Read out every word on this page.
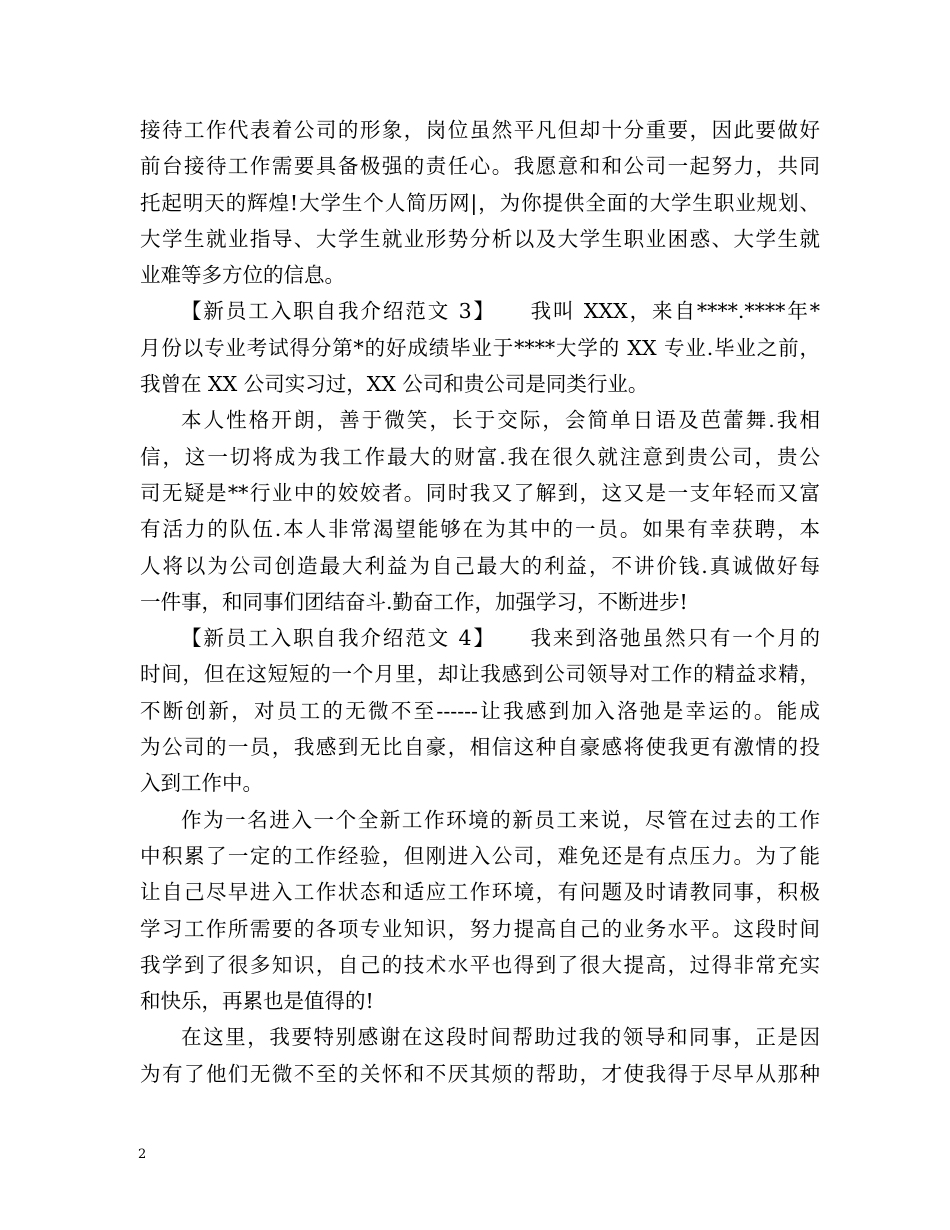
接待工作代表着公司的形象，岗位虽然平凡但却十分重要，因此要做好
前台接待工作需要具备极强的责任心。我愿意和和公司一起努力，共同
托起明天的辉煌!大学生个人简历网|，为你提供全面的大学生职业规划、
大学生就业指导、大学生就业形势分析以及大学生职业困惑、大学生就
业难等多方位的信息。
【新员工入职自我介绍范文 3】　　我叫 XXX，来自****.****年*
月份以专业考试得分第*的好成绩毕业于****大学的 XX 专业.毕业之前，
我曾在 XX 公司实习过，XX 公司和贵公司是同类行业。
本人性格开朗，善于微笑，长于交际，会简单日语及芭蕾舞.我相
信，这一切将成为我工作最大的财富.我在很久就注意到贵公司，贵公
司无疑是**行业中的姣姣者。同时我又了解到，这又是一支年轻而又富
有活力的队伍.本人非常渴望能够在为其中的一员。如果有幸获聘，本
人将以为公司创造最大利益为自己最大的利益，不讲价钱.真诚做好每
一件事，和同事们团结奋斗.勤奋工作，加强学习，不断进步!
【新员工入职自我介绍范文 4】　　我来到洛弛虽然只有一个月的
时间，但在这短短的一个月里，却让我感到公司领导对工作的精益求精，
不断创新，对员工的无微不至------让我感到加入洛弛是幸运的。能成
为公司的一员，我感到无比自豪，相信这种自豪感将使我更有激情的投
入到工作中。
作为一名进入一个全新工作环境的新员工来说，尽管在过去的工作
中积累了一定的工作经验，但刚进入公司，难免还是有点压力。为了能
让自己尽早进入工作状态和适应工作环境，有问题及时请教同事，积极
学习工作所需要的各项专业知识，努力提高自己的业务水平。这段时间
我学到了很多知识，自己的技术水平也得到了很大提高，过得非常充实
和快乐，再累也是值得的!
在这里，我要特别感谢在这段时间帮助过我的领导和同事，正是因
为有了他们无微不至的关怀和不厌其烦的帮助，才使我得于尽早从那种
2
